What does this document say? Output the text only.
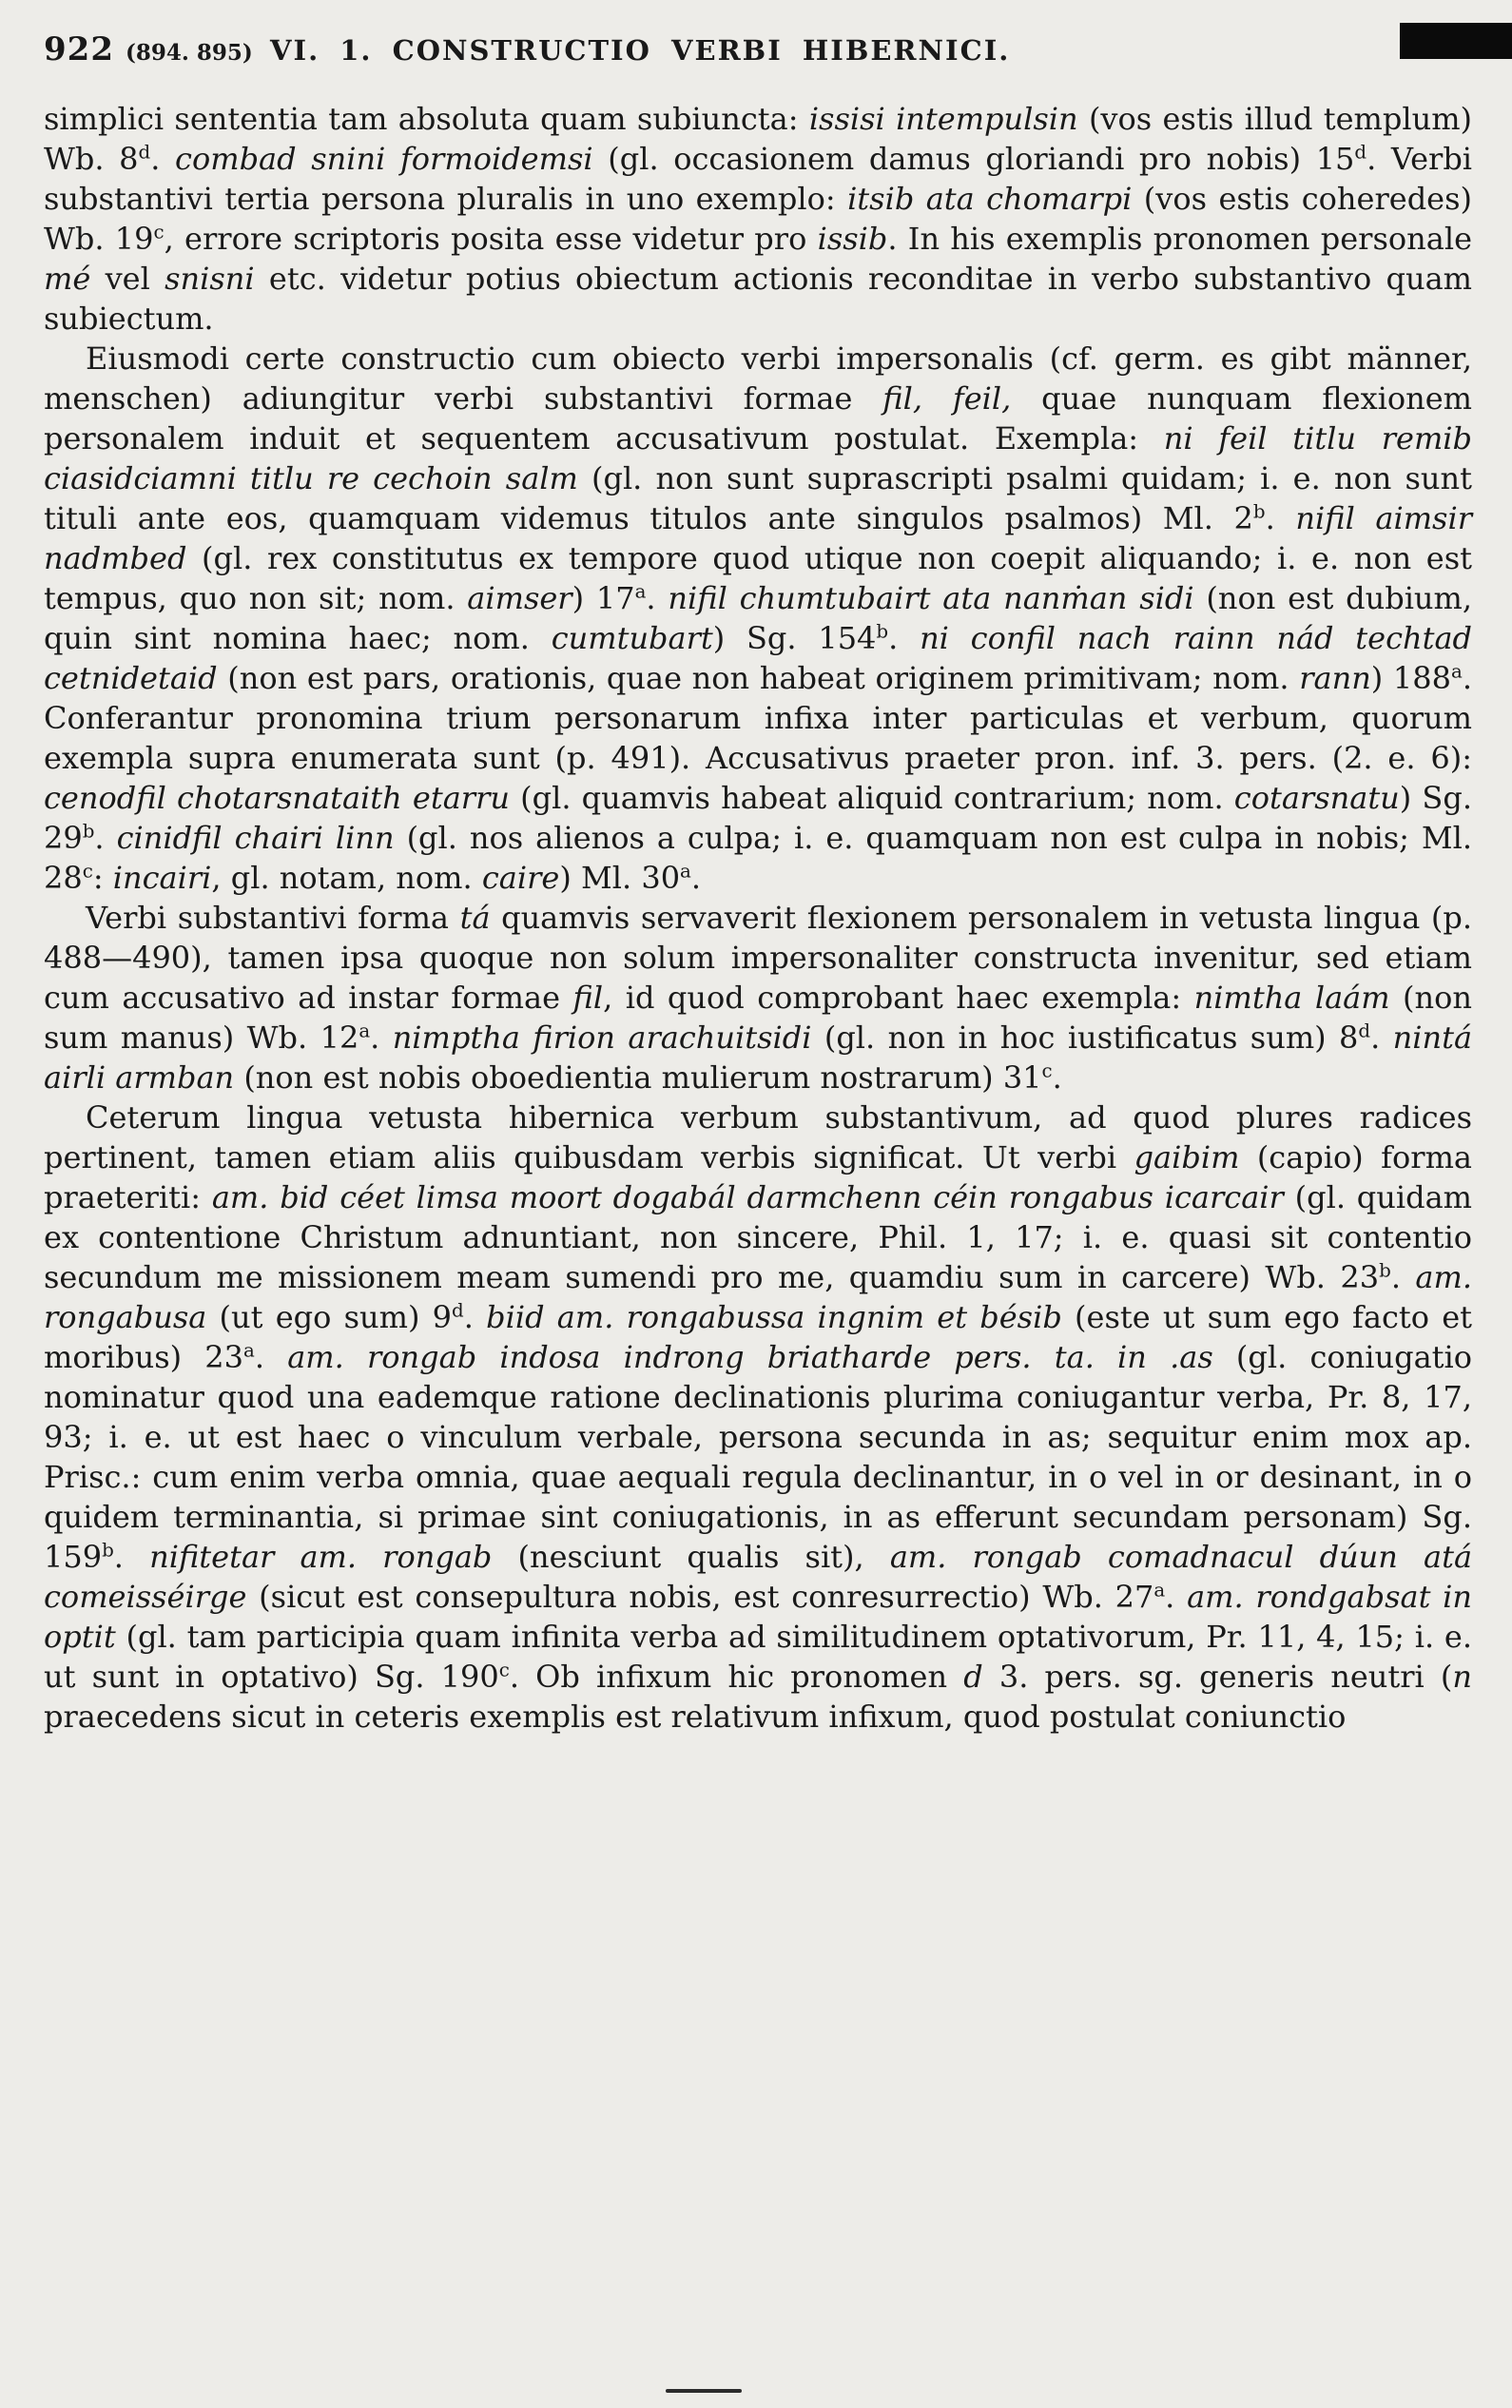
922 (894. 895) VI. 1. CONSTRUCTIO VERBI HIBERNICI.

simplici sententia tam absoluta quam subiuncta: issisi intempulsin (vos estis illud templum) Wb. 8$^d$. combad snini formoidemsi (gl. occasionem damus gloriandi pro nobis) 15$^d$. Verbi substantivi tertia persona pluralis in uno exemplo: itsib ata chomarpi (vos estis coheredes) Wb. 19$^c$, errore scriptoris posita esse videtur pro issib. In his exemplis pronomen personale mé vel snisni etc. videtur potius obiectum actionis reconditae in verbo substantivo quam subiectum.

Eiusmodi certe constructio cum obiecto verbi impersonalis (cf. germ. es gibt männer, menschen) adiungitur verbi substantivi formae fil, feil, quae nunquam flexionem personalem induit et sequentem accusativum postulat. Exempla: ni feil titlu remib ciasidciamni titlu re cechoin salm (gl. non sunt suprascripti psalmi quidam; i. e. non sunt tituli ante eos, quamquam videmus titulos ante singulos psalmos) Ml. 2$^b$. nifil aimsir nadmbed (gl. rex constitutus ex tempore quod utique non coepit aliquando; i. e. non est tempus, quo non sit; nom. aimser) 17$^a$. nifil chumtubairt ata nanṁan sidi (non est dubium, quin sint nomina haec; nom. cumtubart) Sg. 154$^b$. ni confil nach rainn nád techtad cetnidetaid (non est pars, orationis, quae non habeat originem primitivam; nom. rann) 188$^a$. Conferantur pronomina trium personarum infixa inter particulas et verbum, quorum exempla supra enumerata sunt (p. 491). Accusativus praeter pron. inf. 3. pers. (2. e. 6): cenodfil chotarsnataith etarru (gl. quamvis habeat aliquid contrarium; nom. cotarsnatu) Sg. 29$^b$. cinidfil chairi linn (gl. nos alienos a culpa; i. e. quamquam non est culpa in nobis; Ml. 28$^c$: incairi, gl. notam, nom. caire) Ml. 30$^a$.

Verbi substantivi forma tá quamvis servaverit flexionem personalem in vetusta lingua (p. 488—490), tamen ipsa quoque non solum impersonaliter constructa invenitur, sed etiam cum accusativo ad instar formae fil, id quod comprobant haec exempla: nimtha laám (non sum manus) Wb. 12$^a$. nimptha firion arachuitsidi (gl. non in hoc iustificatus sum) 8$^d$. nintá airli armban (non est nobis oboedientia mulierum nostrarum) 31$^c$.

Ceterum lingua vetusta hibernica verbum substantivum, ad quod plures radices pertinent, tamen etiam aliis quibusdam verbis significat. Ut verbi gaibim (capio) forma praeteriti: am. bid céet limsa moort dogabál darmchenn céin rongabus icarcair (gl. quidam ex contentione Christum adnuntiant, non sincere, Phil. 1, 17; i. e. quasi sit contentio secundum me missionem meam sumendi pro me, quamdiu sum in carcere) Wb. 23$^b$. am. rongabusa (ut ego sum) 9$^d$. biid am. rongabussa ingnim et bésib (este ut sum ego facto et moribus) 23$^a$. am. rongab indosa indrong briatharde pers. ta. in .as (gl. coniugatio nominatur quod una eademque ratione declinationis plurima coniugantur verba, Pr. 8, 17, 93; i. e. ut est haec o vinculum verbale, persona secunda in as; sequitur enim mox ap. Prisc.: cum enim verba omnia, quae aequali regula declinantur, in o vel in or desinant, in o quidem terminantia, si primae sint coniugationis, in as efferunt secundam personam) Sg. 159$^b$. nifitetar am. rongab (nesciunt qualis sit), am. rongab comadnacul dúun atá comeisséirge (sicut est consepultura nobis, est conresurrectio) Wb. 27$^a$. am. rondgabsat in optit (gl. tam participia quam infinita verba ad similitudinem optativorum, Pr. 11, 4, 15; i. e. ut sunt in optativo) Sg. 190$^c$. Ob infixum hic pronomen d 3. pers. sg. generis neutri (n praecedens sicut in ceteris exemplis est relativum infixum, quod postulat coniunctio
